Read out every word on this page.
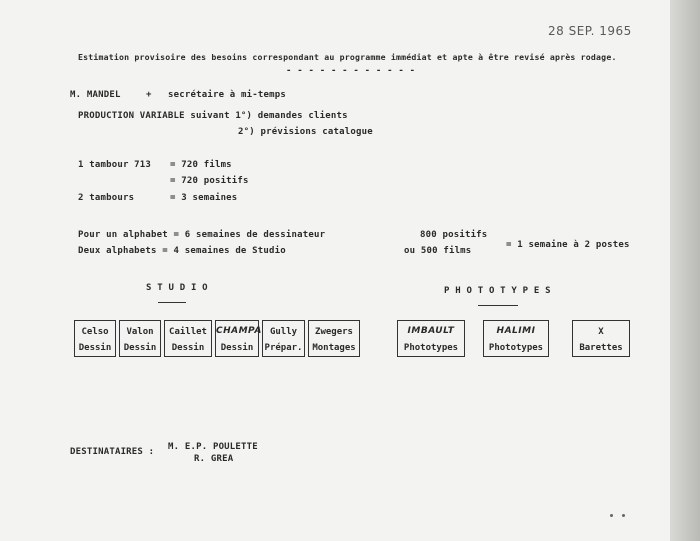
28 SEP. 1965
Estimation provisoire des besoins correspondant au programme immédiat et apte à être revisé après rodage.
- - - - - - - - - - - -
M. MANDEL	+ secrétaire à mi-temps
PRODUCTION VARIABLE suivant 1°) demandes clients
2°) prévisions catalogue
1 tambour 713 = 720 films
= 720 positifs
2 tambours	= 3 semaines
Pour un alphabet = 6 semaines de dessinateur	800 positifs
Deux alphabets = 4 semaines de Studio	ou 500 films
= 1 semaine à 2 postes
S T U D I O	P H O T O T Y P E S
Celso
Dessin
Valon
Dessin
Caillet
Dessin
CHAMPA
Dessin
Gully
Prépar.
Zwegers
Montages
IMBAULT
Phototypes
HALIMI
Phototypes
X
Barettes
DESTINATAIRES : M. E.P. POULETTE
R. GREA
